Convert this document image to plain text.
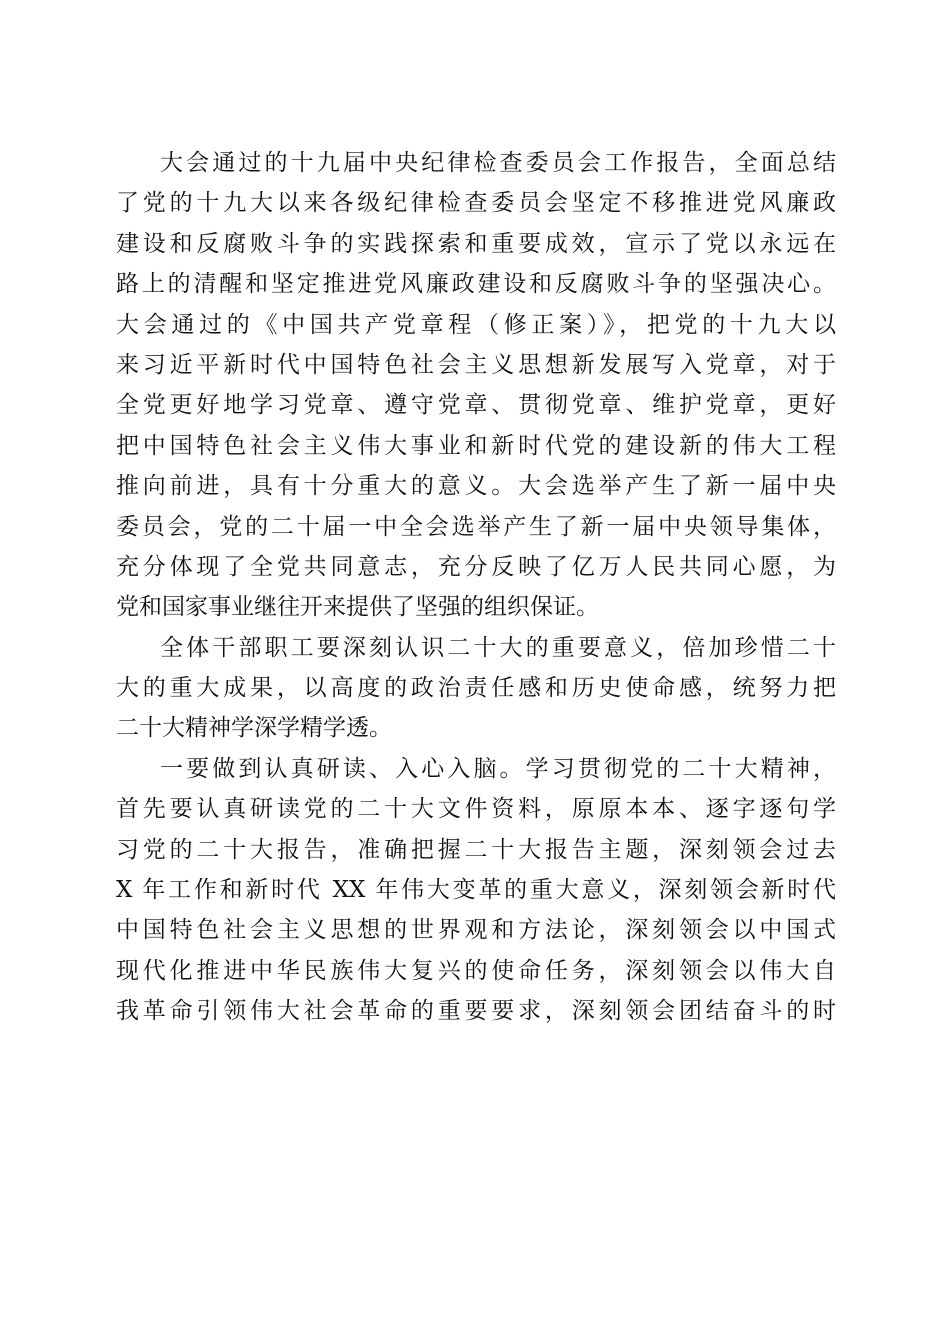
大会通过的十九届中央纪律检查委员会工作报告，全面总结
了党的十九大以来各级纪律检查委员会坚定不移推进党风廉政
建设和反腐败斗争的实践探索和重要成效，宣示了党以永远在
路上的清醒和坚定推进党风廉政建设和反腐败斗争的坚强决心。
大会通过的《中国共产党章程（修正案）》，把党的十九大以
来习近平新时代中国特色社会主义思想新发展写入党章，对于
全党更好地学习党章、遵守党章、贯彻党章、维护党章，更好
把中国特色社会主义伟大事业和新时代党的建设新的伟大工程
推向前进，具有十分重大的意义。大会选举产生了新一届中央
委员会，党的二十届一中全会选举产生了新一届中央领导集体，
充分体现了全党共同意志，充分反映了亿万人民共同心愿，为
党和国家事业继往开来提供了坚强的组织保证。
全体干部职工要深刻认识二十大的重要意义，倍加珍惜二十
大的重大成果，以高度的政治责任感和历史使命感，统努力把
二十大精神学深学精学透。
一要做到认真研读、入心入脑。学习贯彻党的二十大精神，
首先要认真研读党的二十大文件资料，原原本本、逐字逐句学
习党的二十大报告，准确把握二十大报告主题，深刻领会过去
X 年工作和新时代 XX 年伟大变革的重大意义，深刻领会新时代
中国特色社会主义思想的世界观和方法论，深刻领会以中国式
现代化推进中华民族伟大复兴的使命任务，深刻领会以伟大自
我革命引领伟大社会革命的重要要求，深刻领会团结奋斗的时
